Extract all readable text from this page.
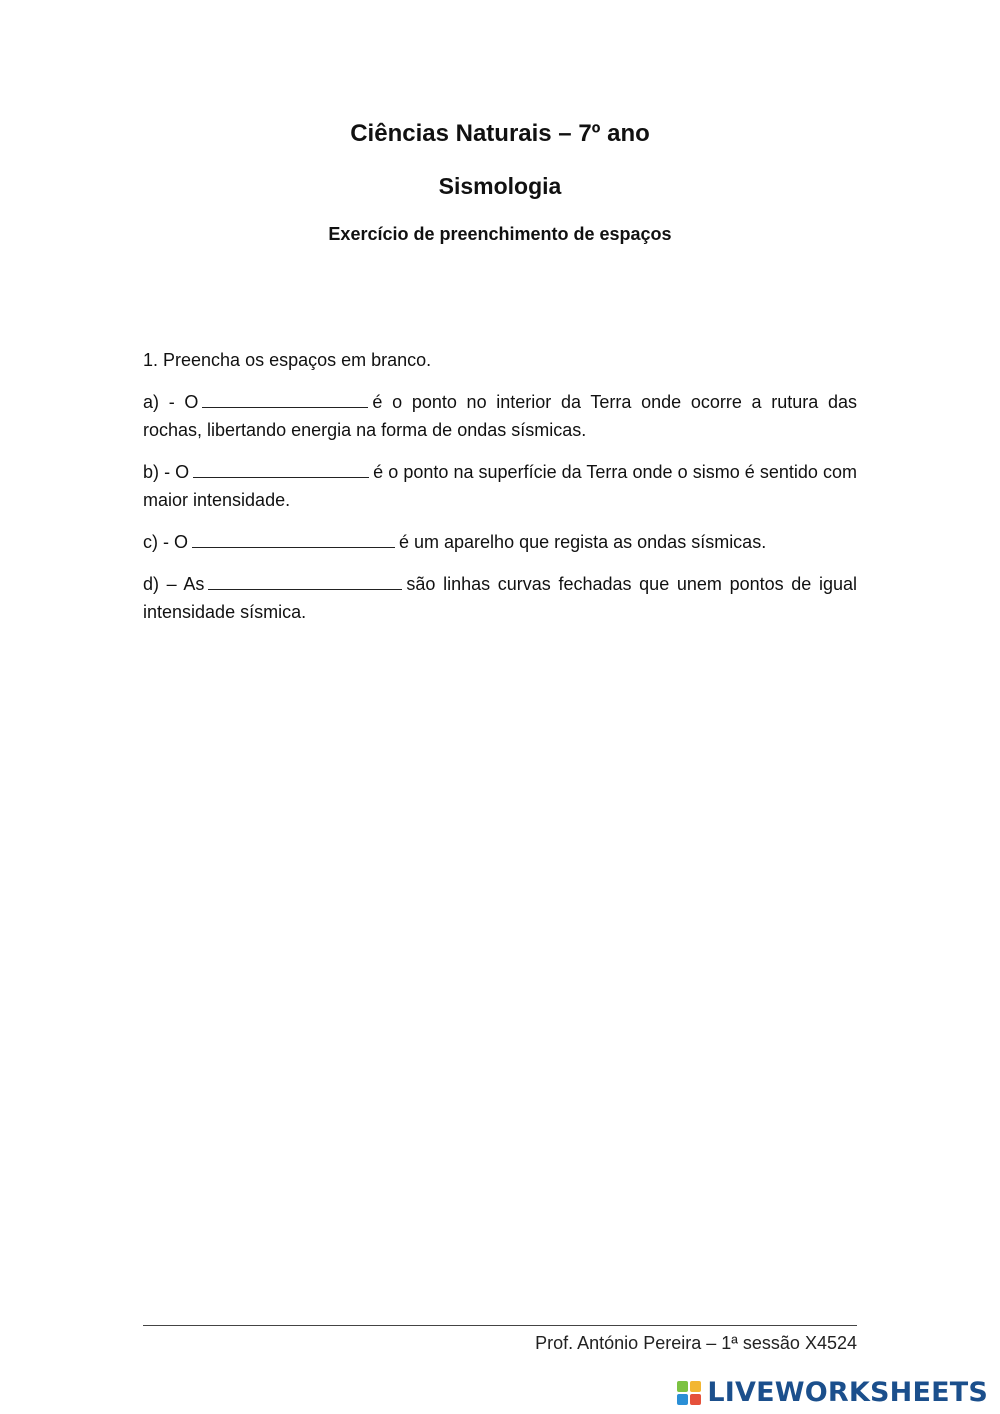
Ciências Naturais – 7º ano
Sismologia
Exercício de preenchimento de espaços

1. Preencha os espaços em branco.

a) - O	é o ponto no interior da Terra onde ocorre a rutura das rochas, libertando energia na forma de ondas sísmicas.

b) - O	é o ponto na superfície da Terra onde o sismo é sentido com maior intensidade.

c) - O	é um aparelho que regista as ondas sísmicas.

d) – As	são linhas curvas fechadas que unem pontos de igual intensidade sísmica.

Prof. António Pereira – 1ª sessão X4524
LIVEWORKSHEETS
